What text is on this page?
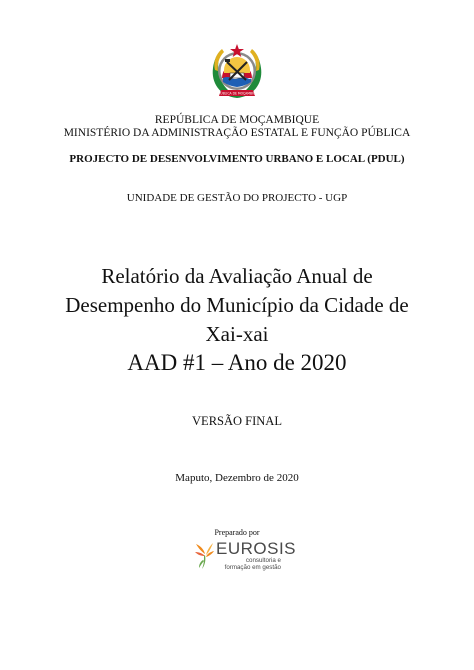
REPÚBLICA DE MOÇAMBIQUE
REPÚBLICA DE MOÇAMBIQUE
MINISTÉRIO DA ADMINISTRAÇÃO ESTATAL E FUNÇÃO PÚBLICA
PROJECTO DE DESENVOLVIMENTO URBANO E LOCAL (PDUL)
UNIDADE DE GESTÃO DO PROJECTO - UGP
Relatório da Avaliação Anual de
Desempenho do Município da Cidade de
Xai-xai
AAD #1 – Ano de 2020
VERSÃO FINAL
Maputo, Dezembro de 2020
Preparado por
EUROSIS
consultoria e
formação em gestão
